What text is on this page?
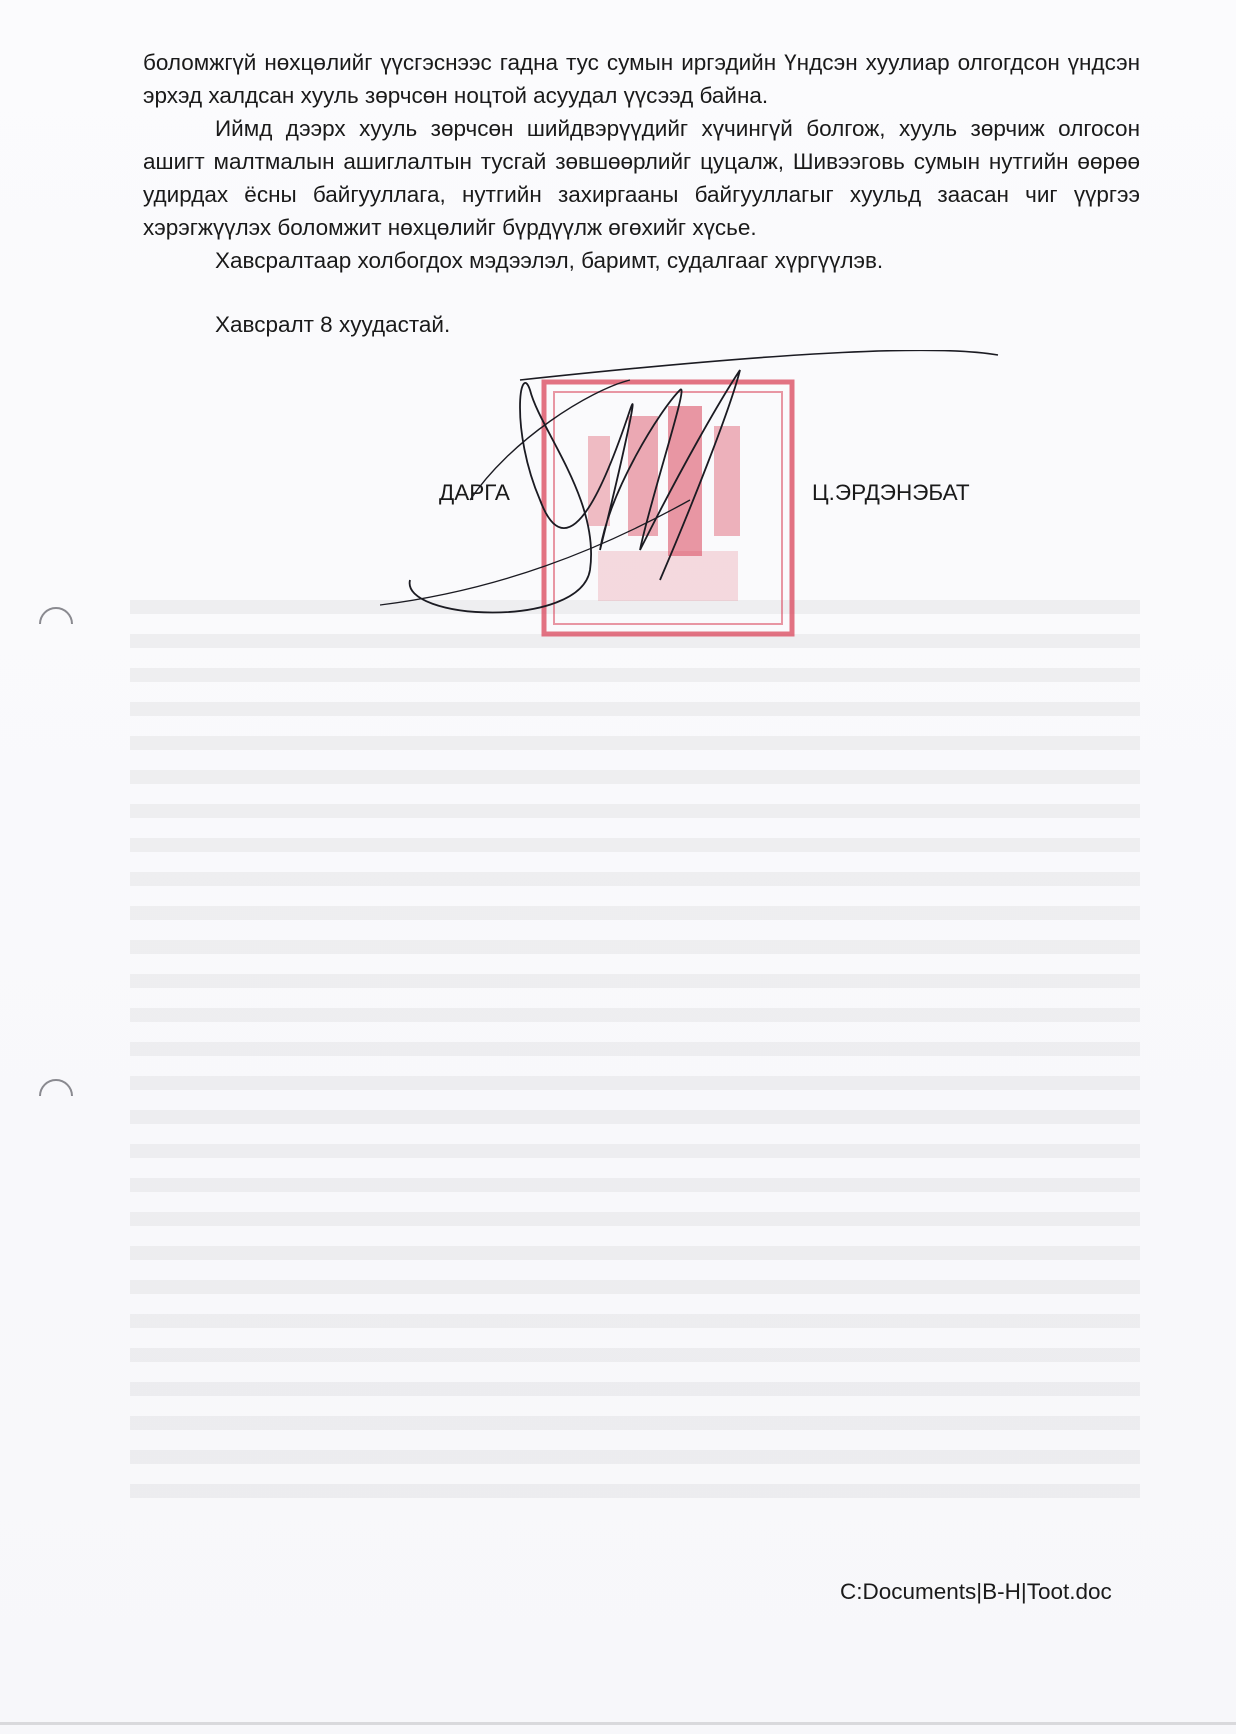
боломжгүй нөхцөлийг үүсгэснээс гадна тус сумын иргэдийн Үндсэн хуулиар олгогдсон үндсэн эрхэд халдсан хууль зөрчсөн ноцтой асуудал үүсээд байна.

Иймд дээрх хууль зөрчсөн шийдвэрүүдийг хүчингүй болгож, хууль зөрчиж олгосон ашигт малтмалын ашиглалтын тусгай зөвшөөрлийг цуцалж, Шивээговь сумын нутгийн өөрөө удирдах ёсны байгууллага, нутгийн захиргааны байгууллагыг хуульд заасан чиг үүргээ хэрэгжүүлэх боломжит нөхцөлийг бүрдүүлж өгөхийг хүсье.

Хавсралтаар холбогдох мэдээлэл, баримт, судалгааг хүргүүлэв.

Хавсралт 8 хуудастай.
ДАРГА	Ц.ЭРДЭНЭБАТ
C:Documents|B-H|Toot.doc
